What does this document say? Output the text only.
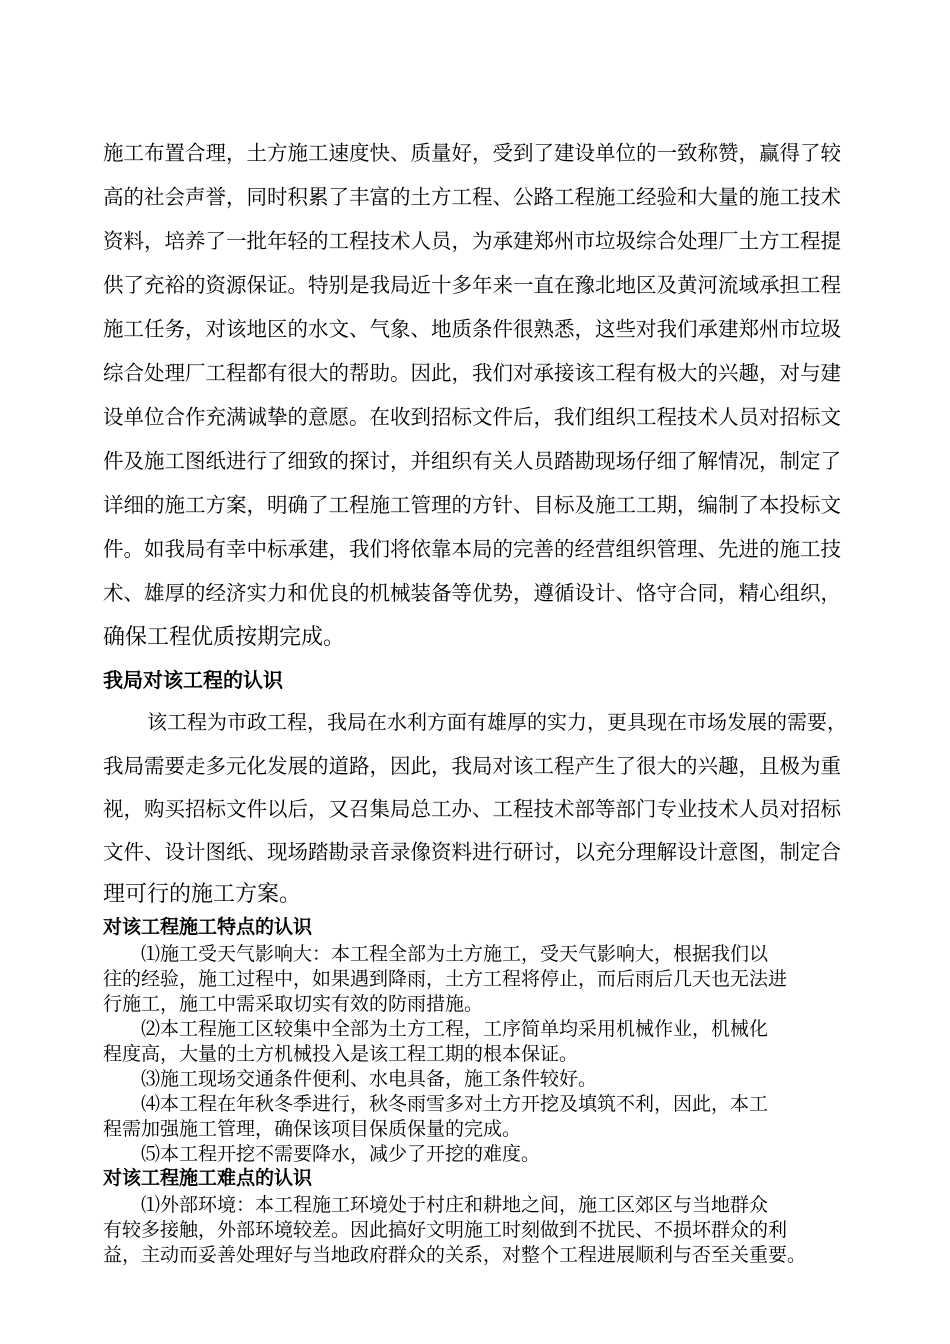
施工布置合理，土方施工速度快、质量好，受到了建设单位的一致称赞，赢得了较
高的社会声誉，同时积累了丰富的土方工程、公路工程施工经验和大量的施工技术
资料，培养了一批年轻的工程技术人员，为承建郑州市垃圾综合处理厂土方工程提
供了充裕的资源保证。特别是我局近十多年来一直在豫北地区及黄河流域承担工程
施工任务，对该地区的水文、气象、地质条件很熟悉，这些对我们承建郑州市垃圾
综合处理厂工程都有很大的帮助。因此，我们对承接该工程有极大的兴趣，对与建
设单位合作充满诚挚的意愿。在收到招标文件后，我们组织工程技术人员对招标文
件及施工图纸进行了细致的探讨，并组织有关人员踏勘现场仔细了解情况，制定了
详细的施工方案，明确了工程施工管理的方针、目标及施工工期，编制了本投标文
件。如我局有幸中标承建，我们将依靠本局的完善的经营组织管理、先进的施工技
术、雄厚的经济实力和优良的机械装备等优势，遵循设计、恪守合同，精心组织，
确保工程优质按期完成。
我局对该工程的认识
该工程为市政工程，我局在水利方面有雄厚的实力，更具现在市场发展的需要，
我局需要走多元化发展的道路，因此，我局对该工程产生了很大的兴趣，且极为重
视，购买招标文件以后，又召集局总工办、工程技术部等部门专业技术人员对招标
文件、设计图纸、现场踏勘录音录像资料进行研讨，以充分理解设计意图，制定合
理可行的施工方案。
对该工程施工特点的认识
⑴施工受天气影响大：本工程全部为土方施工，受天气影响大，根据我们以
往的经验，施工过程中，如果遇到降雨，土方工程将停止，而后雨后几天也无法进
行施工，施工中需采取切实有效的防雨措施。
⑵本工程施工区较集中全部为土方工程，工序简单均采用机械作业，机械化
程度高，大量的土方机械投入是该工程工期的根本保证。
⑶施工现场交通条件便利、水电具备，施工条件较好。
⑷本工程在年秋冬季进行，秋冬雨雪多对土方开挖及填筑不利，因此，本工
程需加强施工管理，确保该项目保质保量的完成。
⑸本工程开挖不需要降水，减少了开挖的难度。
对该工程施工难点的认识
⑴外部环境：本工程施工环境处于村庄和耕地之间，施工区郊区与当地群众
有较多接触，外部环境较差。因此搞好文明施工时刻做到不扰民、不损坏群众的利
益，主动而妥善处理好与当地政府群众的关系，对整个工程进展顺利与否至关重要。
